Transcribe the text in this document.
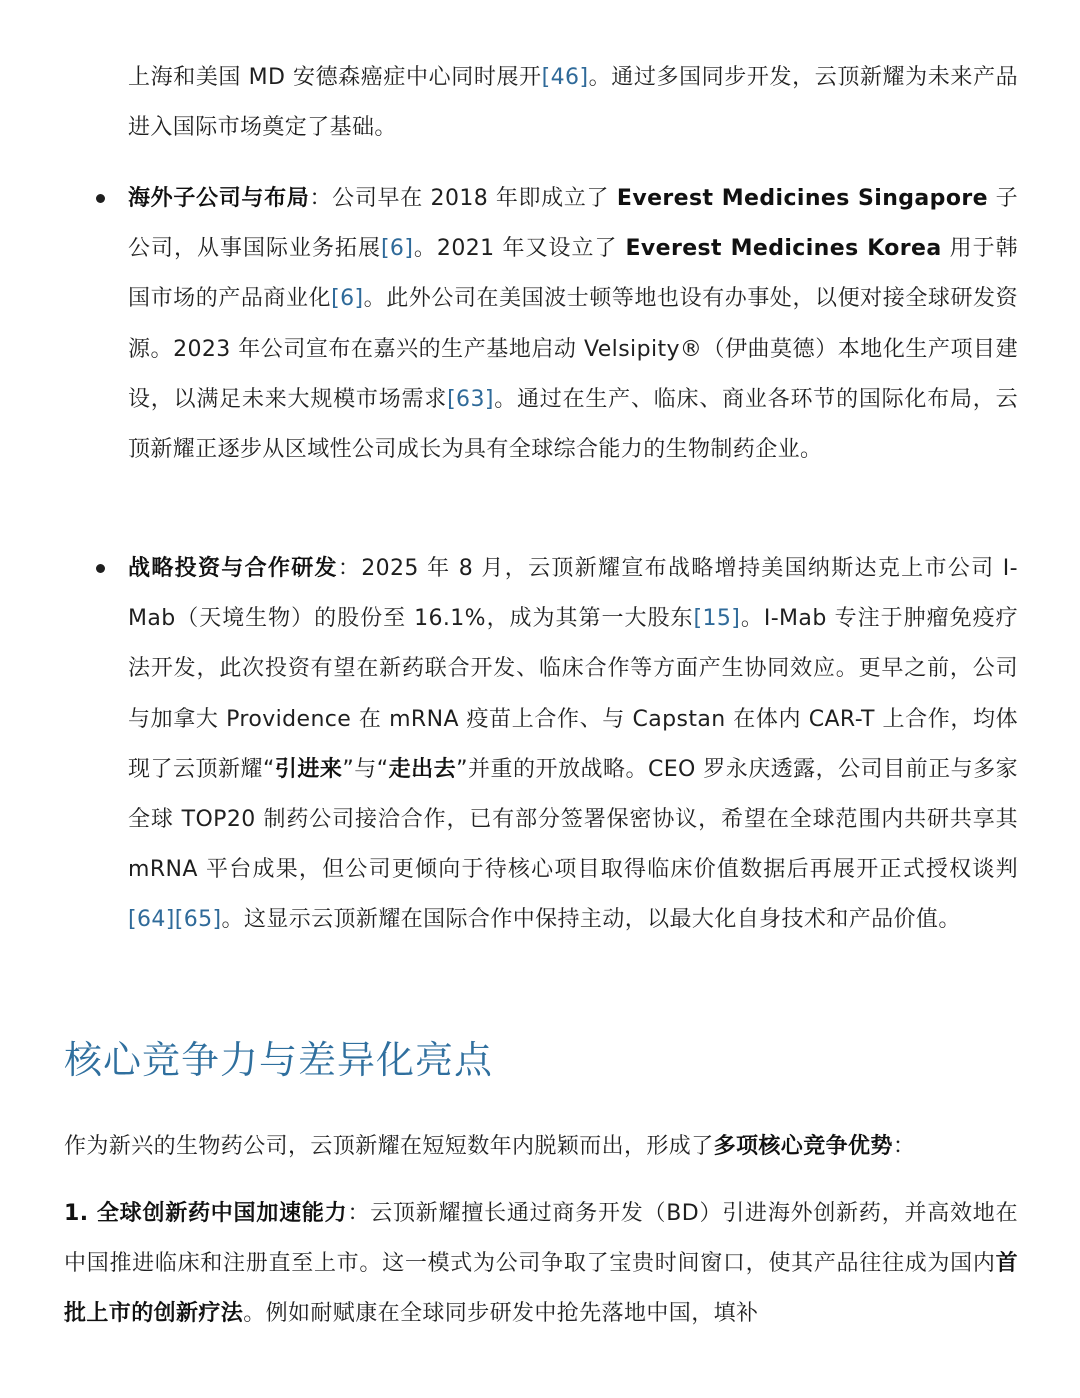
上海和美国 MD 安德森癌症中心同时展开[46]。通过多国同步开发，云顶新耀为未来产品进入国际市场奠定了基础。

海外子公司与布局：公司早在 2018 年即成立了 Everest Medicines Singapore 子公司，从事国际业务拓展[6]。2021 年又设立了 Everest Medicines Korea 用于韩国市场的产品商业化[6]。此外公司在美国波士顿等地也设有办事处，以便对接全球研发资源。2023 年公司宣布在嘉兴的生产基地启动 Velsipity®（伊曲莫德）本地化生产项目建设，以满足未来大规模市场需求[63]。通过在生产、临床、商业各环节的国际化布局，云顶新耀正逐步从区域性公司成长为具有全球综合能力的生物制药企业。

战略投资与合作研发：2025 年 8 月，云顶新耀宣布战略增持美国纳斯达克上市公司 I-Mab（天境生物）的股份至 16.1%，成为其第一大股东[15]。I-Mab 专注于肿瘤免疫疗法开发，此次投资有望在新药联合开发、临床合作等方面产生协同效应。更早之前，公司与加拿大 Providence 在 mRNA 疫苗上合作、与 Capstan 在体内 CAR-T 上合作，均体现了云顶新耀“引进来”与“走出去”并重的开放战略。CEO 罗永庆透露，公司目前正与多家全球 TOP20 制药公司接洽合作，已有部分签署保密协议，希望在全球范围内共研共享其 mRNA 平台成果，但公司更倾向于待核心项目取得临床价值数据后再展开正式授权谈判[64][65]。这显示云顶新耀在国际合作中保持主动，以最大化自身技术和产品价值。

核心竞争力与差异化亮点

作为新兴的生物药公司，云顶新耀在短短数年内脱颖而出，形成了多项核心竞争优势：

1. 全球创新药中国加速能力：云顶新耀擅长通过商务开发（BD）引进海外创新药，并高效地在中国推进临床和注册直至上市。这一模式为公司争取了宝贵时间窗口，使其产品往往成为国内首批上市的创新疗法。例如耐赋康在全球同步研发中抢先落地中国，填补
